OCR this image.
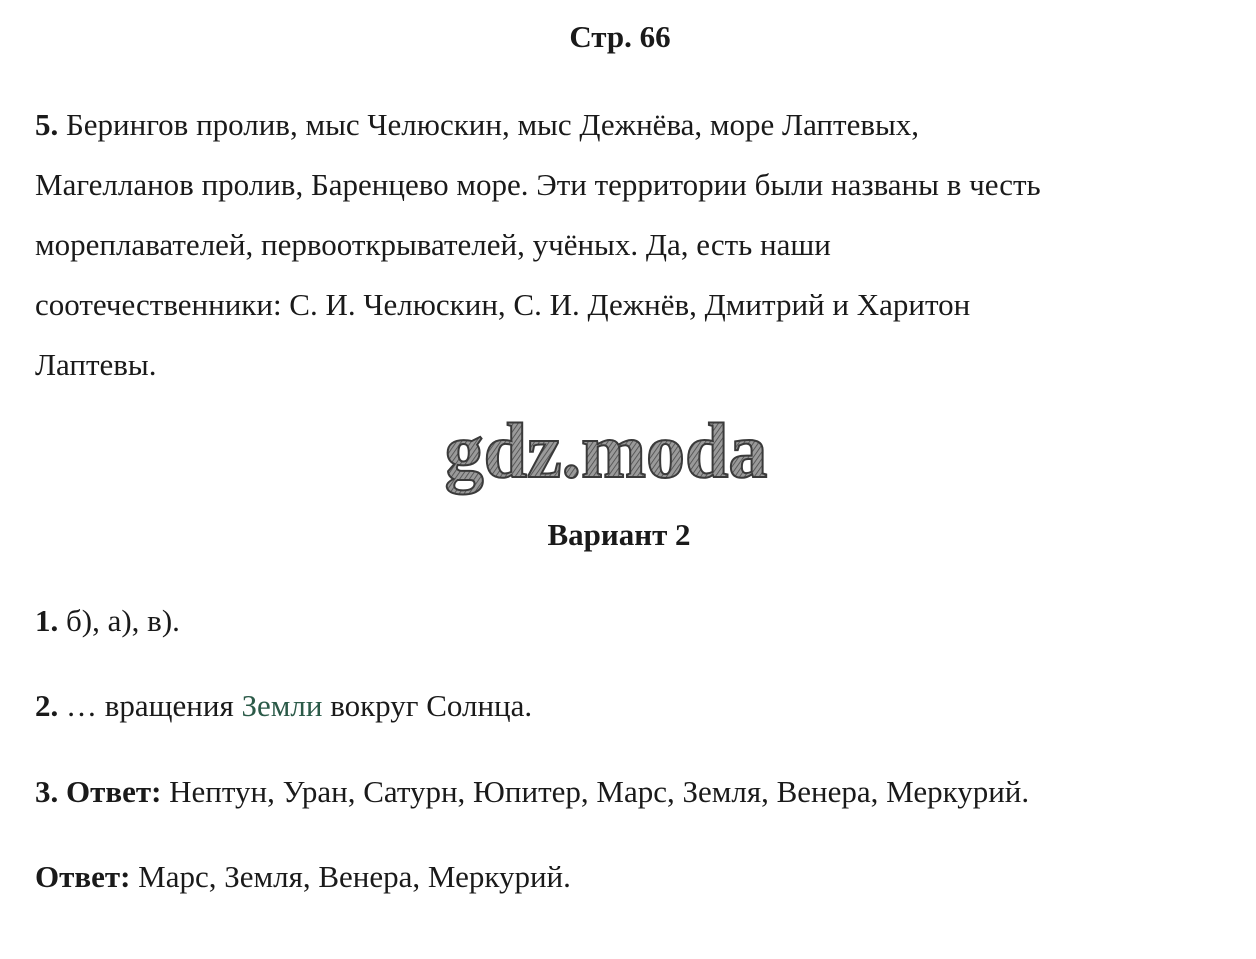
Стр. 66

5. Берингов пролив, мыс Челюскин, мыс Дежнёва, море Лаптевых,

Магелланов пролив, Баренцево море. Эти территории были названы в честь

мореплавателей, первооткрывателей, учёных. Да, есть наши

соотечественники: С. И. Челюскин, С. И. Дежнёв, Дмитрий и Харитон

Лаптевы.

gdz.moda
Вариант 2
1. б), а), в).
2. … вращения Земли вокруг Солнца.
3. Ответ: Нептун, Уран, Сатурн, Юпитер, Марс, Земля, Венера, Меркурий.
Ответ: Марс, Земля, Венера, Меркурий.
